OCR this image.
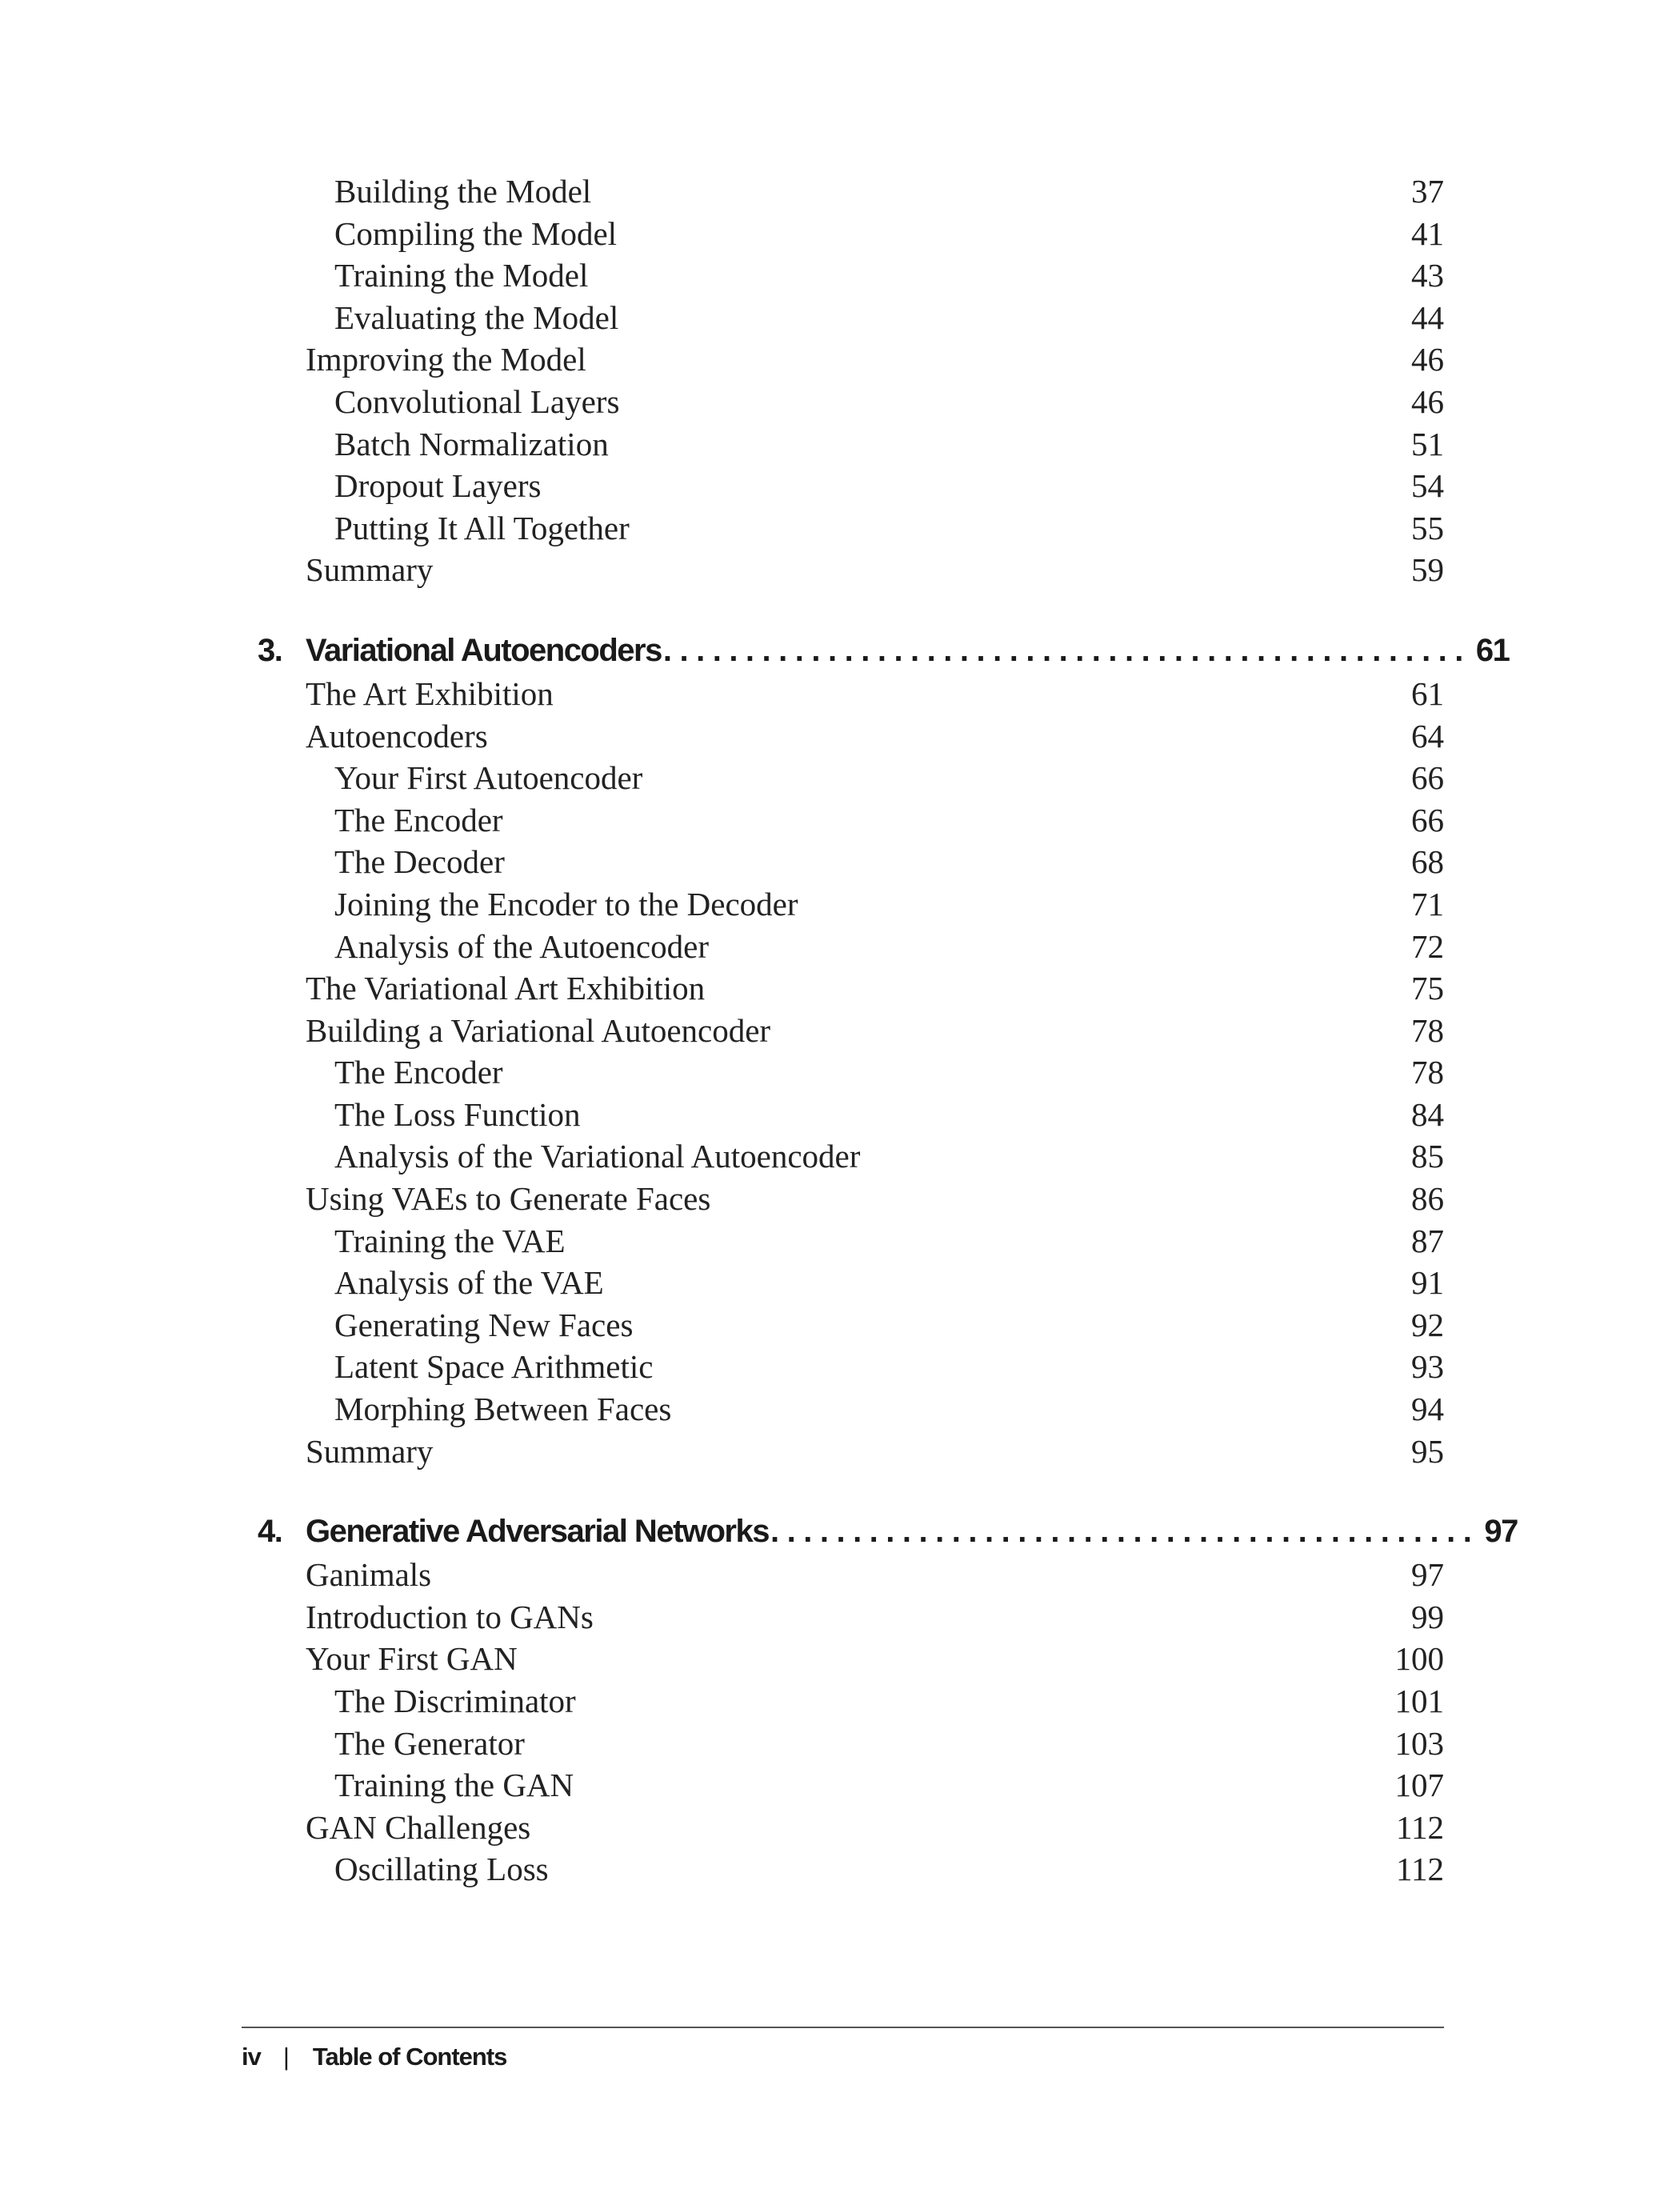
Building the Model	37
Compiling the Model	41
Training the Model	43
Evaluating the Model	44
Improving the Model	46
Convolutional Layers	46
Batch Normalization	51
Dropout Layers	54
Putting It All Together	55
Summary	59
3. Variational Autoencoders ................................................. 61
The Art Exhibition	61
Autoencoders	64
Your First Autoencoder	66
The Encoder	66
The Decoder	68
Joining the Encoder to the Decoder	71
Analysis of the Autoencoder	72
The Variational Art Exhibition	75
Building a Variational Autoencoder	78
The Encoder	78
The Loss Function	84
Analysis of the Variational Autoencoder	85
Using VAEs to Generate Faces	86
Training the VAE	87
Analysis of the VAE	91
Generating New Faces	92
Latent Space Arithmetic	93
Morphing Between Faces	94
Summary	95
4. Generative Adversarial Networks ........................................... 97
Ganimals	97
Introduction to GANs	99
Your First GAN	100
The Discriminator	101
The Generator	103
Training the GAN	107
GAN Challenges	112
Oscillating Loss	112
iv | Table of Contents
